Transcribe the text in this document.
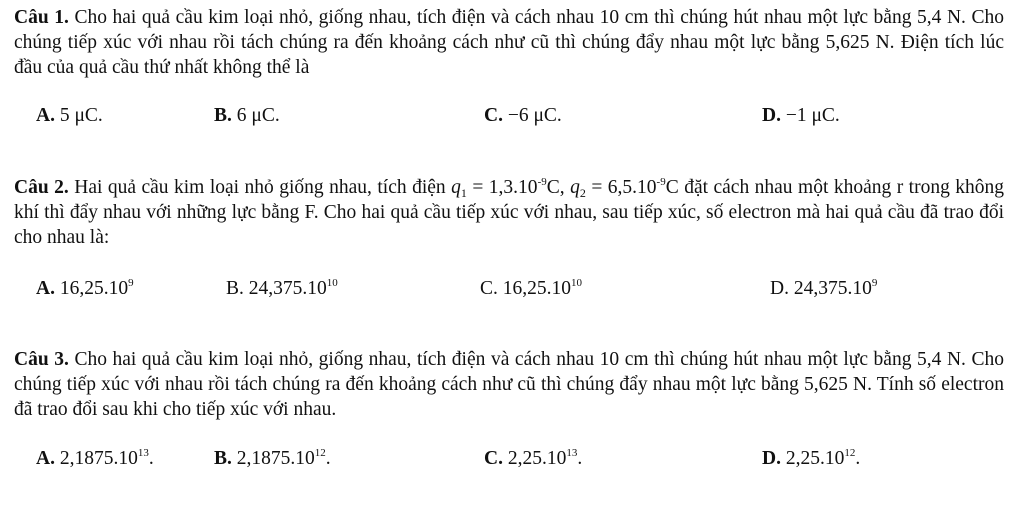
Câu 1. Cho hai quả cầu kim loại nhỏ, giống nhau, tích điện và cách nhau 10 cm thì chúng hút nhau một lực bằng 5,4 N. Cho chúng tiếp xúc với nhau rồi tách chúng ra đến khoảng cách như cũ thì chúng đẩy nhau một lực bằng 5,625 N. Điện tích lúc đầu của quả cầu thứ nhất không thể là
A. 5 μC.	B. 6 μC.	C. −6 μC.	D. −1 μC.
Câu 2. Hai quả cầu kim loại nhỏ giống nhau, tích điện $q_1 = 1,3.10^{-9}C$, $q_2 = 6,5.10^{-9}C$ đặt cách nhau một khoảng r trong không khí thì đẩy nhau với những lực bằng F. Cho hai quả cầu tiếp xúc với nhau, sau tiếp xúc, số electron mà hai quả cầu đã trao đổi cho nhau là:
A. 16,25.10$^9$	B. 24,375.10$^{10}$	C. 16,25.10$^{10}$	D. 24,375.10$^9$
Câu 3. Cho hai quả cầu kim loại nhỏ, giống nhau, tích điện và cách nhau 10 cm thì chúng hút nhau một lực bằng 5,4 N. Cho chúng tiếp xúc với nhau rồi tách chúng ra đến khoảng cách như cũ thì chúng đẩy nhau một lực bằng 5,625 N. Tính số electron đã trao đổi sau khi cho tiếp xúc với nhau.
A. 2,1875.10$^{13}$.	B. 2,1875.10$^{12}$.	C. 2,25.10$^{13}$.	D. 2,25.10$^{12}$.
